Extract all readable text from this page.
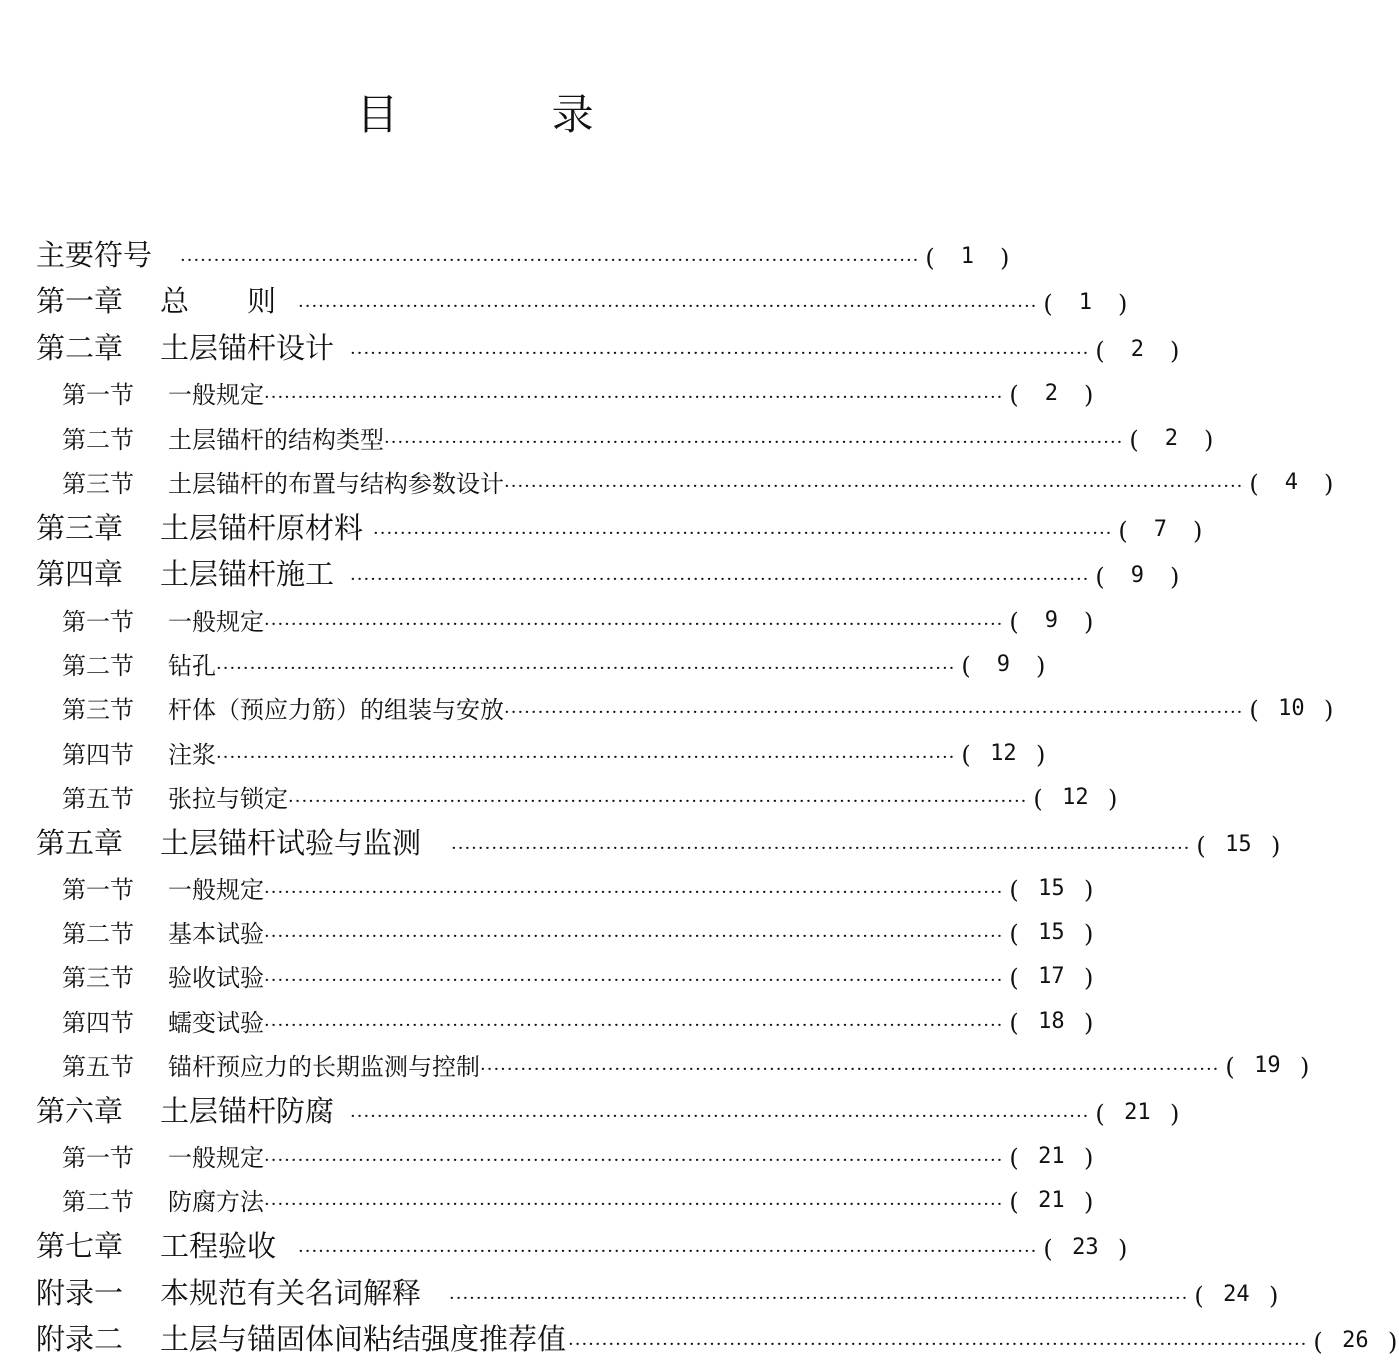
目 录
主要符号 ·············································································································· (	1	)
第一章	总　　则 ·············································································································· (	1	)
第二章	土层锚杆设计 ·············································································································· (	2	)
第一节	一般规定 ·············································································································· (	2	)
第二节	土层锚杆的结构类型 ·············································································································· (	2	)
第三节	土层锚杆的布置与结构参数设计 ·············································································································· (	4	)
第三章	土层锚杆原材料 ·············································································································· (	7	)
第四章	土层锚杆施工 ·············································································································· (	9	)
第一节	一般规定 ·············································································································· (	9	)
第二节	钻孔 ·············································································································· (	9	)
第三节	杆体（预应力筋）的组装与安放 ·············································································································· ( 10 )
第四节	注浆 ·············································································································· ( 12 )
第五节	张拉与锁定 ·············································································································· ( 12 )
第五章	土层锚杆试验与监测 ·············································································································· ( 15 )
第一节	一般规定 ·············································································································· ( 15 )
第二节	基本试验 ·············································································································· ( 15 )
第三节	验收试验 ·············································································································· ( 17 )
第四节	蠕变试验 ·············································································································· ( 18 )
第五节	锚杆预应力的长期监测与控制 ·············································································································· ( 19 )
第六章	土层锚杆防腐 ·············································································································· ( 21 )
第一节	一般规定 ·············································································································· ( 21 )
第二节	防腐方法 ·············································································································· ( 21 )
第七章	工程验收 ·············································································································· ( 23 )
附录一	本规范有关名词解释 ·············································································································· ( 24 )
附录二	土层与锚固体间粘结强度推荐值 ·············································································································· ( 26 )
